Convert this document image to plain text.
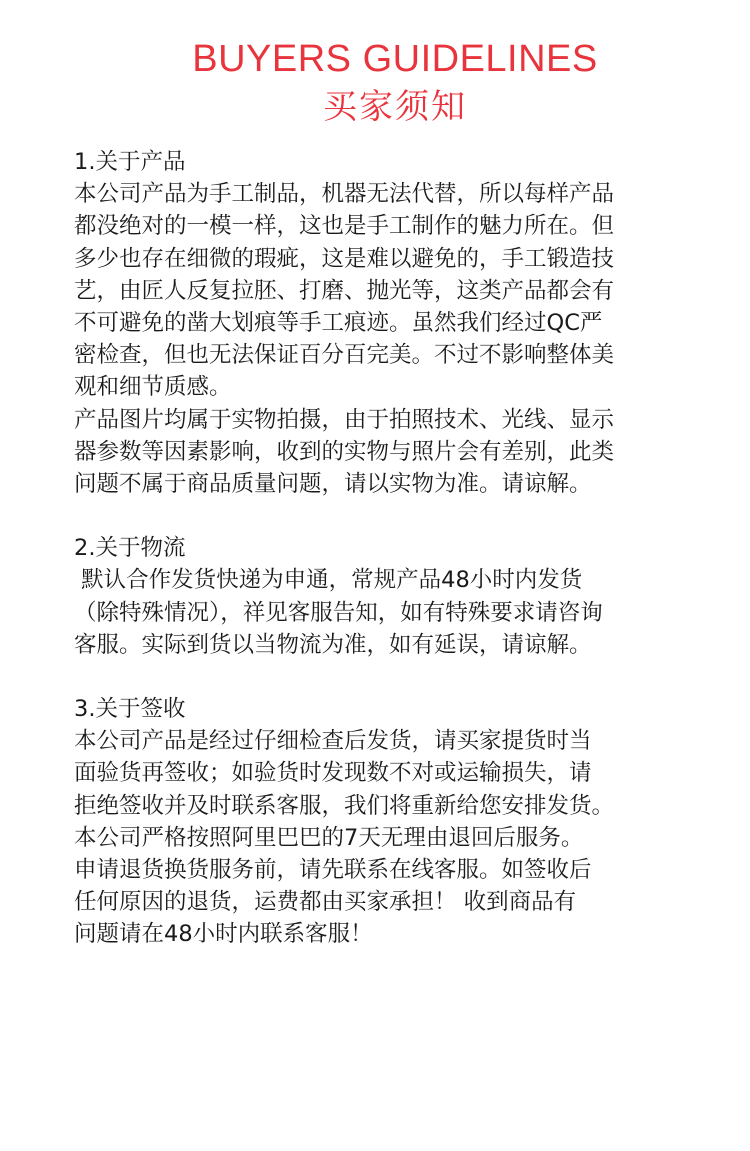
BUYERS GUIDELINES
买家须知

1.关于产品

本公司产品为手工制品，机器无法代替，所以每样产品

都没绝对的一模一样，这也是手工制作的魅力所在。但

多少也存在细微的瑕疵，这是难以避免的，手工锻造技

艺，由匠人反复拉胚、打磨、抛光等，这类产品都会有

不可避免的凿大划痕等手工痕迹。虽然我们经过QC严

密检查，但也无法保证百分百完美。不过不影响整体美

观和细节质感。

产品图片均属于实物拍摄，由于拍照技术、光线、显示

器参数等因素影响，收到的实物与照片会有差别，此类

问题不属于商品质量问题，请以实物为准。请谅解。

2.关于物流

默认合作发货快递为申通，常规产品48小时内发货

（除特殊情况），祥见客服告知，如有特殊要求请咨询

客服。实际到货以当物流为准，如有延误，请谅解。

3.关于签收

本公司产品是经过仔细检查后发货，请买家提货时当

面验货再签收；如验货时发现数不对或运输损失，请

拒绝签收并及时联系客服，我们将重新给您安排发货。

本公司严格按照阿里巴巴的7天无理由退回后服务。

申请退货换货服务前，请先联系在线客服。如签收后

任何原因的退货，运费都由买家承担！ 收到商品有

问题请在48小时内联系客服！
